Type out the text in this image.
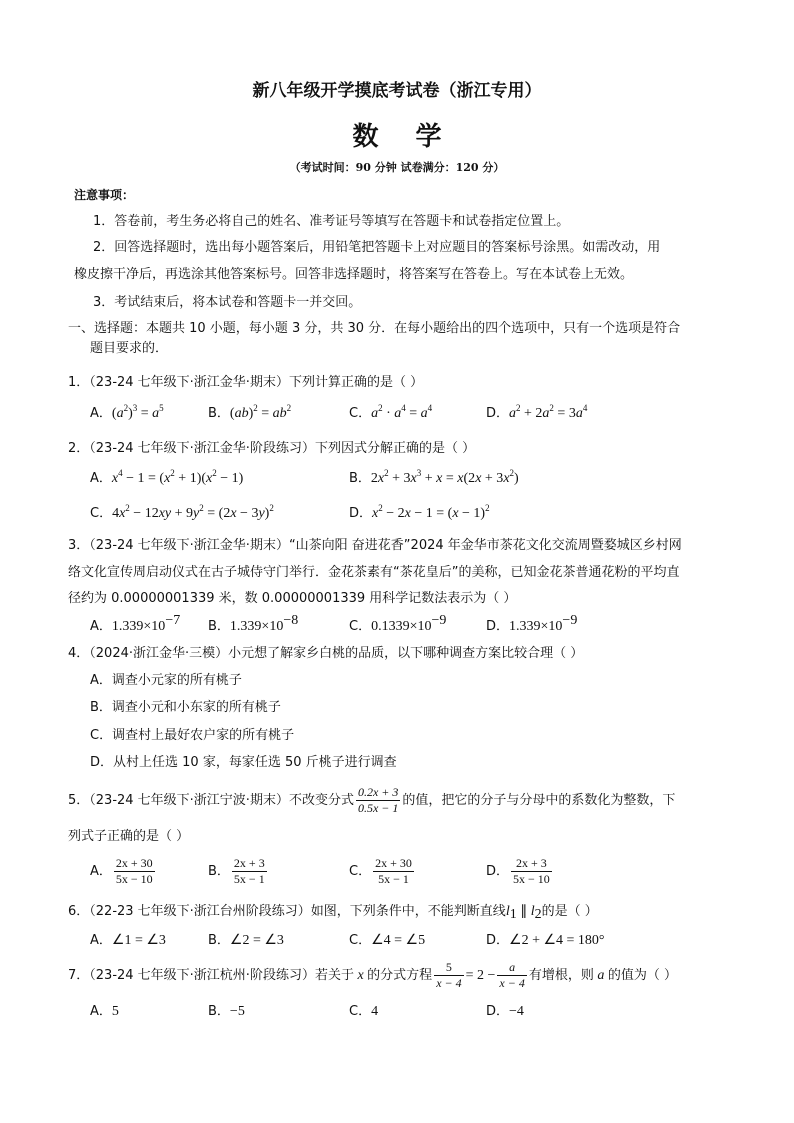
新八年级开学摸底考试卷（浙江专用）
数 学
（考试时间：90 分钟 试卷满分：120 分）
注意事项：
1．答卷前，考生务必将自己的姓名、准考证号等填写在答题卡和试卷指定位置上。
2．回答选择题时，选出每小题答案后，用铅笔把答题卡上对应题目的答案标号涂黑。如需改动，用
橡皮擦干净后，再选涂其他答案标号。回答非选择题时，将答案写在答卷上。写在本试卷上无效。
3．考试结束后，将本试卷和答题卡一并交回。
一、选择题：本题共 10 小题，每小题 3 分，共 30 分．在每小题给出的四个选项中，只有一个选项是符合
题目要求的．
1．（23-24 七年级下·浙江金华·期末）下列计算正确的是（ ）
A．$(a^2)^3 = a^5$	B．$(ab)^2 = ab^2$	C．$a^2 \cdot a^4 = a^4$	D．$a^2 + 2a^2 = 3a^4$
2．（23-24 七年级下·浙江金华·阶段练习）下列因式分解正确的是（ ）
A．$x^4 - 1 = (x^2 + 1)(x^2 - 1)$	B．$2x^2 + 3x^3 + x = x(2x + 3x^2)$
C．$4x^2 - 12xy + 9y^2 = (2x - 3y)^2$	D．$x^2 - 2x - 1 = (x - 1)^2$
3．（23-24 七年级下·浙江金华·期末）“山茶向阳 奋进花香”2024 年金华市茶花文化交流周暨婺城区乡村网
络文化宣传周启动仪式在古子城侍守门举行．金花茶素有“茶花皇后”的美称，已知金花茶普通花粉的平均直
径约为 0.00000001339 米，数 0.00000001339 用科学记数法表示为（ ）
A．$1.339\times 10^{-7}$ B．$1.339\times 10^{-8}$	C．$0.1339\times 10^{-9}$	D．$1.339\times 10^{-9}$
4．（2024·浙江金华·三模）小元想了解家乡白桃的品质，以下哪种调查方案比较合理（ ）
A．调查小元家的所有桃子
B．调查小元和小东家的所有桃子
C．调查村上最好农户家的所有桃子
D．从村上任选 10 家，每家任选 50 斤桃子进行调查
5．（23-24 七年级下·浙江宁波·期末）不改变分式 $\frac{0.2x + 3}{0.5x - 1}$ 的值，把它的分子与分母中的系数化为整数，下
列式子正确的是（ ）
A． $\frac{2x + 30}{5x - 10}$	B． $\frac{2x + 3}{5x - 1}$	C． $\frac{2x + 30}{5x - 1}$	D． $\frac{2x + 3}{5x - 10}$
6．（22-23 七年级下·浙江台州阶段练习）如图，下列条件中，不能判断直线$l_1$ ∥ $l_2$的是（ ）
A．∠1 = ∠3	B．∠2 = ∠3	C．∠4 = ∠5	D．∠2 + ∠4 = 180°
7．（23-24 七年级下·浙江杭州·阶段练习）若关于 x 的分式方程 $\frac{5}{x - 4} = 2 - \frac{a}{x - 4}$ 有增根，则 a 的值为（ ）
A．5	B．−5	C．4	D．−4
